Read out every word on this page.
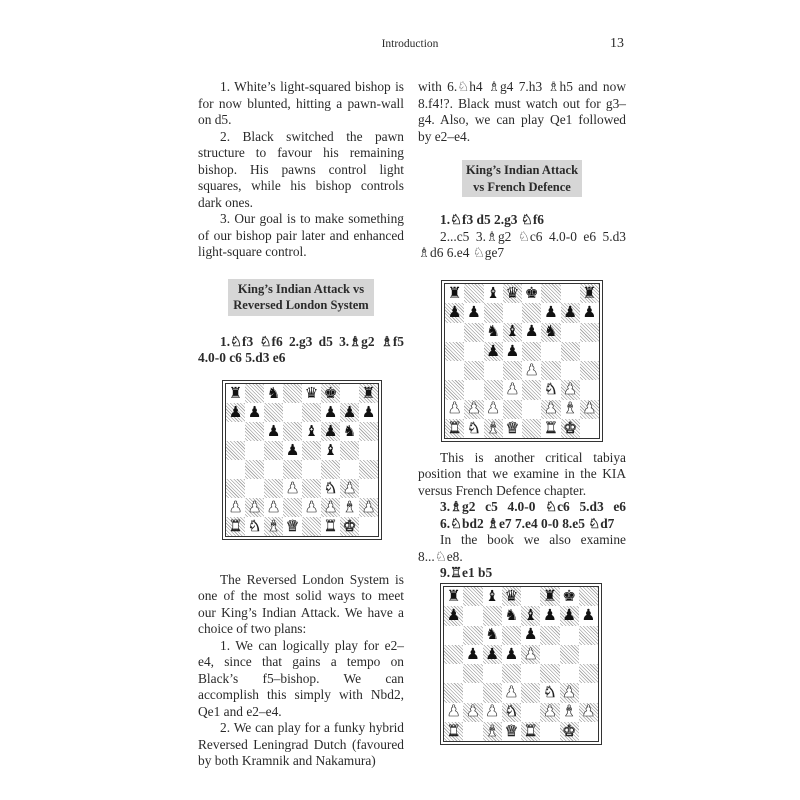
Introduction	13

1. White’s light-squared bishop is for now blunted, hitting a pawn-wall on d5.

2. Black switched the pawn structure to favour his remaining bishop. His pawns control light squares, while his bishop controls dark ones.

3. Our goal is to make something of our bishop pair later and enhanced light-square control.

King’s Indian Attack vs
Reversed London System

1.♘f3 ♘f6 2.g3 d5 3.♗g2 ♗f5 4.0-0 c6 5.d3 e6

The Reversed London System is one of the most solid ways to meet our King’s Indian Attack. We have a choice of two plans:

1. We can logically play for e2–e4, since that gains a tempo on Black’s f5–bishop. We can accomplish this simply with Nbd2, Qe1 and e2–e4.

2. We can play for a funky hybrid Reversed Leningrad Dutch (favoured by both Kramnik and Nakamura)

with 6.♘h4 ♗g4 7.h3 ♗h5 and now 8.f4!?. Black must watch out for g3–g4. Also, we can play Qe1 followed by e2–e4.

King’s Indian Attack
vs French Defence

1.♘f3 d5 2.g3 ♘f6

2...c5 3.♗g2 ♘c6 4.0-0 e6 5.d3 ♗d6 6.e4 ♘ge7

This is another critical tabiya position that we examine in the KIA versus French Defence chapter.

3.♗g2 c5 4.0-0 ♘c6 5.d3 e6 6.♘bd2 ♗e7 7.e4 0-0 8.e5 ♘d7

In the book we also examine 8...♘e8.

9.♖e1 b5

♜ ♞ ♛ ♚ ♜
♟ ♟	♟ ♟ ♟
♟ ♝ ♟ ♞
♟ ♝
♟ ♞ ♟
♟ ♟ ♟ ♟ ♟ ♝ ♟
♜ ♞ ♝ ♛ ♜ ♚
♜ ♝ ♛ ♚	♜
♟ ♟	♟ ♟ ♟
♞ ♝ ♟ ♞
♟ ♟
♟
♟ ♞ ♟
♟ ♟ ♟	♟ ♝ ♟
♜ ♞ ♝ ♛ ♜ ♚
♜ ♝ ♛ ♜ ♚
♟	♞ ♝ ♟ ♟ ♟
♞ ♟
♟ ♟ ♟ ♟
♟ ♞ ♟
♟ ♟ ♟ ♞ ♟ ♝ ♟
♜ ♝ ♛ ♜ ♚
